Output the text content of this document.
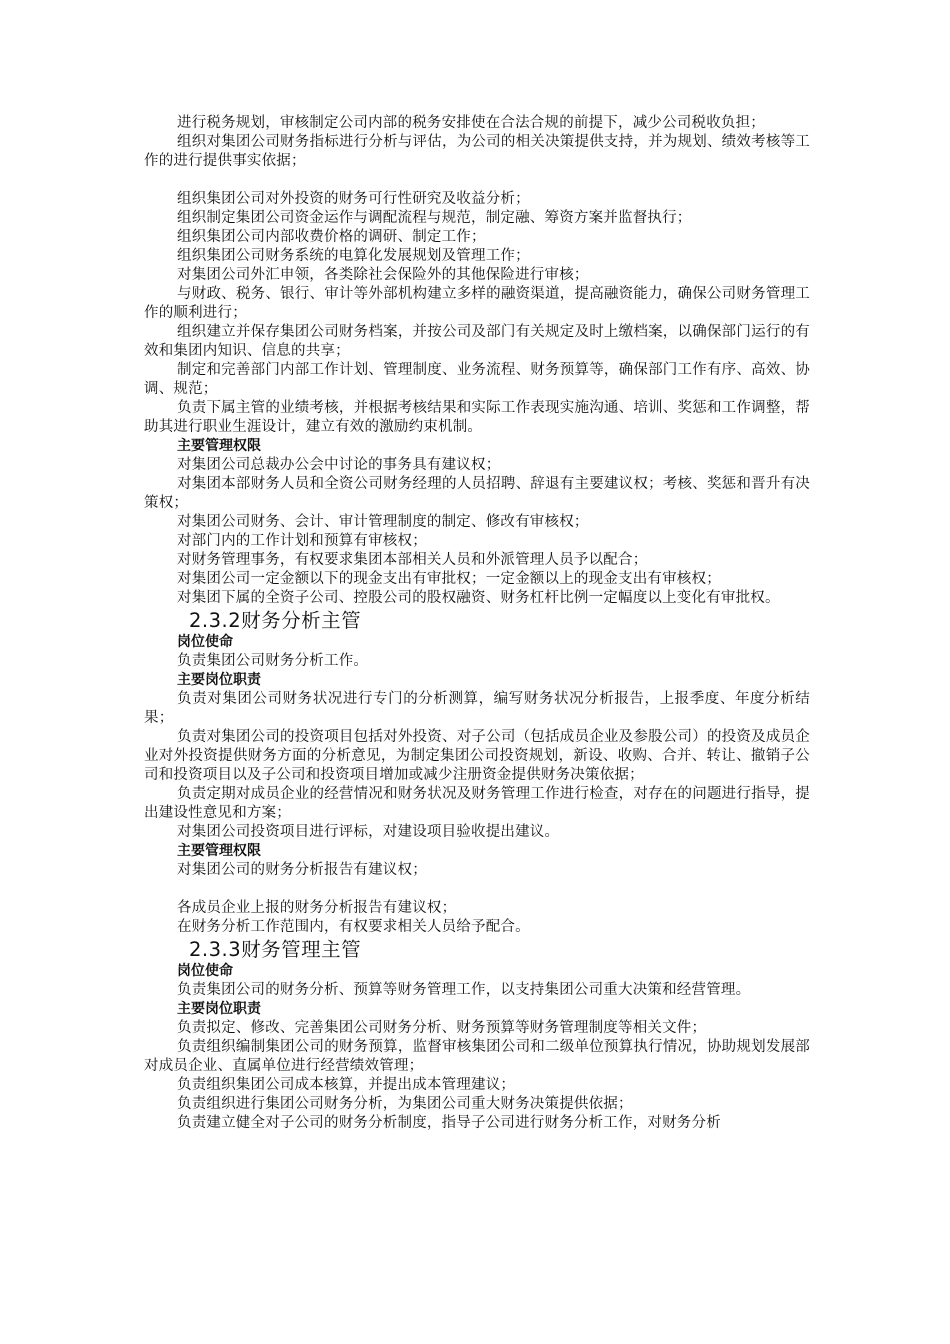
进行税务规划，审核制定公司内部的税务安排使在合法合规的前提下，减少公司税收负担；

组织对集团公司财务指标进行分析与评估，为公司的相关决策提供支持，并为规划、绩效考核等工作的进行提供事实依据；

组织集团公司对外投资的财务可行性研究及收益分析；

组织制定集团公司资金运作与调配流程与规范，制定融、筹资方案并监督执行；

组织集团公司内部收费价格的调研、制定工作；

组织集团公司财务系统的电算化发展规划及管理工作；

对集团公司外汇申领，各类除社会保险外的其他保险进行审核；

与财政、税务、银行、审计等外部机构建立多样的融资渠道，提高融资能力，确保公司财务管理工作的顺利进行；

组织建立并保存集团公司财务档案，并按公司及部门有关规定及时上缴档案，以确保部门运行的有效和集团内知识、信息的共享；

制定和完善部门内部工作计划、管理制度、业务流程、财务预算等，确保部门工作有序、高效、协调、规范；

负责下属主管的业绩考核，并根据考核结果和实际工作表现实施沟通、培训、奖惩和工作调整，帮助其进行职业生涯设计，建立有效的激励约束机制。

主要管理权限

对集团公司总裁办公会中讨论的事务具有建议权；

对集团本部财务人员和全资公司财务经理的人员招聘、辞退有主要建议权；考核、奖惩和晋升有决策权；

对集团公司财务、会计、审计管理制度的制定、修改有审核权；

对部门内的工作计划和预算有审核权；

对财务管理事务，有权要求集团本部相关人员和外派管理人员予以配合；

对集团公司一定金额以下的现金支出有审批权；一定金额以上的现金支出有审核权；

对集团下属的全资子公司、控股公司的股权融资、财务杠杆比例一定幅度以上变化有审批权。

2.3.2财务分析主管

岗位使命

负责集团公司财务分析工作。

主要岗位职责

负责对集团公司财务状况进行专门的分析测算，编写财务状况分析报告，上报季度、年度分析结果；

负责对集团公司的投资项目包括对外投资、对子公司（包括成员企业及参股公司）的投资及成员企业对外投资提供财务方面的分析意见，为制定集团公司投资规划，新设、收购、合并、转让、撤销子公司和投资项目以及子公司和投资项目增加或减少注册资金提供财务决策依据；

负责定期对成员企业的经营情况和财务状况及财务管理工作进行检查，对存在的问题进行指导，提出建设性意见和方案；

对集团公司投资项目进行评标，对建设项目验收提出建议。

主要管理权限

对集团公司的财务分析报告有建议权；

各成员企业上报的财务分析报告有建议权；

在财务分析工作范围内，有权要求相关人员给予配合。

2.3.3财务管理主管

岗位使命

负责集团公司的财务分析、预算等财务管理工作，以支持集团公司重大决策和经营管理。

主要岗位职责

负责拟定、修改、完善集团公司财务分析、财务预算等财务管理制度等相关文件；

负责组织编制集团公司的财务预算，监督审核集团公司和二级单位预算执行情况，协助规划发展部对成员企业、直属单位进行经营绩效管理；

负责组织集团公司成本核算，并提出成本管理建议；

负责组织进行集团公司财务分析，为集团公司重大财务决策提供依据；

负责建立健全对子公司的财务分析制度，指导子公司进行财务分析工作，对财务分析
